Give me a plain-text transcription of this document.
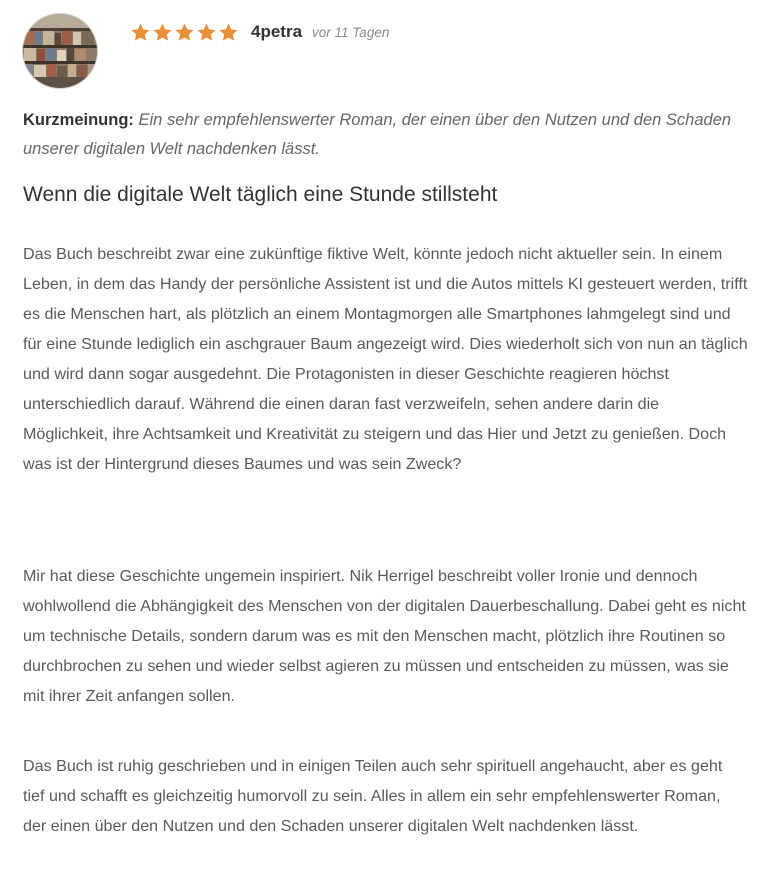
4petra vor 11 Tagen

Kurzmeinung: Ein sehr empfehlenswerter Roman, der einen über den Nutzen und den Schaden unserer digitalen Welt nachdenken lässt.

Wenn die digitale Welt täglich eine Stunde stillsteht

Das Buch beschreibt zwar eine zukünftige fiktive Welt, könnte jedoch nicht aktueller sein. In einem Leben, in dem das Handy der persönliche Assistent ist und die Autos mittels KI gesteuert werden, trifft es die Menschen hart, als plötzlich an einem Montagmorgen alle Smartphones lahmgelegt sind und für eine Stunde lediglich ein aschgrauer Baum angezeigt wird. Dies wiederholt sich von nun an täglich und wird dann sogar ausgedehnt. Die Protagonisten in dieser Geschichte reagieren höchst unterschiedlich darauf. Während die einen daran fast verzweifeln, sehen andere darin die Möglichkeit, ihre Achtsamkeit und Kreativität zu steigern und das Hier und Jetzt zu genießen. Doch was ist der Hintergrund dieses Baumes und was sein Zweck?

Mir hat diese Geschichte ungemein inspiriert. Nik Herrigel beschreibt voller Ironie und dennoch wohlwollend die Abhängigkeit des Menschen von der digitalen Dauerbeschallung. Dabei geht es nicht um technische Details, sondern darum was es mit den Menschen macht, plötzlich ihre Routinen so durchbrochen zu sehen und wieder selbst agieren zu müssen und entscheiden zu müssen, was sie mit ihrer Zeit anfangen sollen.

Das Buch ist ruhig geschrieben und in einigen Teilen auch sehr spirituell angehaucht, aber es geht tief und schafft es gleichzeitig humorvoll zu sein. Alles in allem ein sehr empfehlenswerter Roman, der einen über den Nutzen und den Schaden unserer digitalen Welt nachdenken lässt.
